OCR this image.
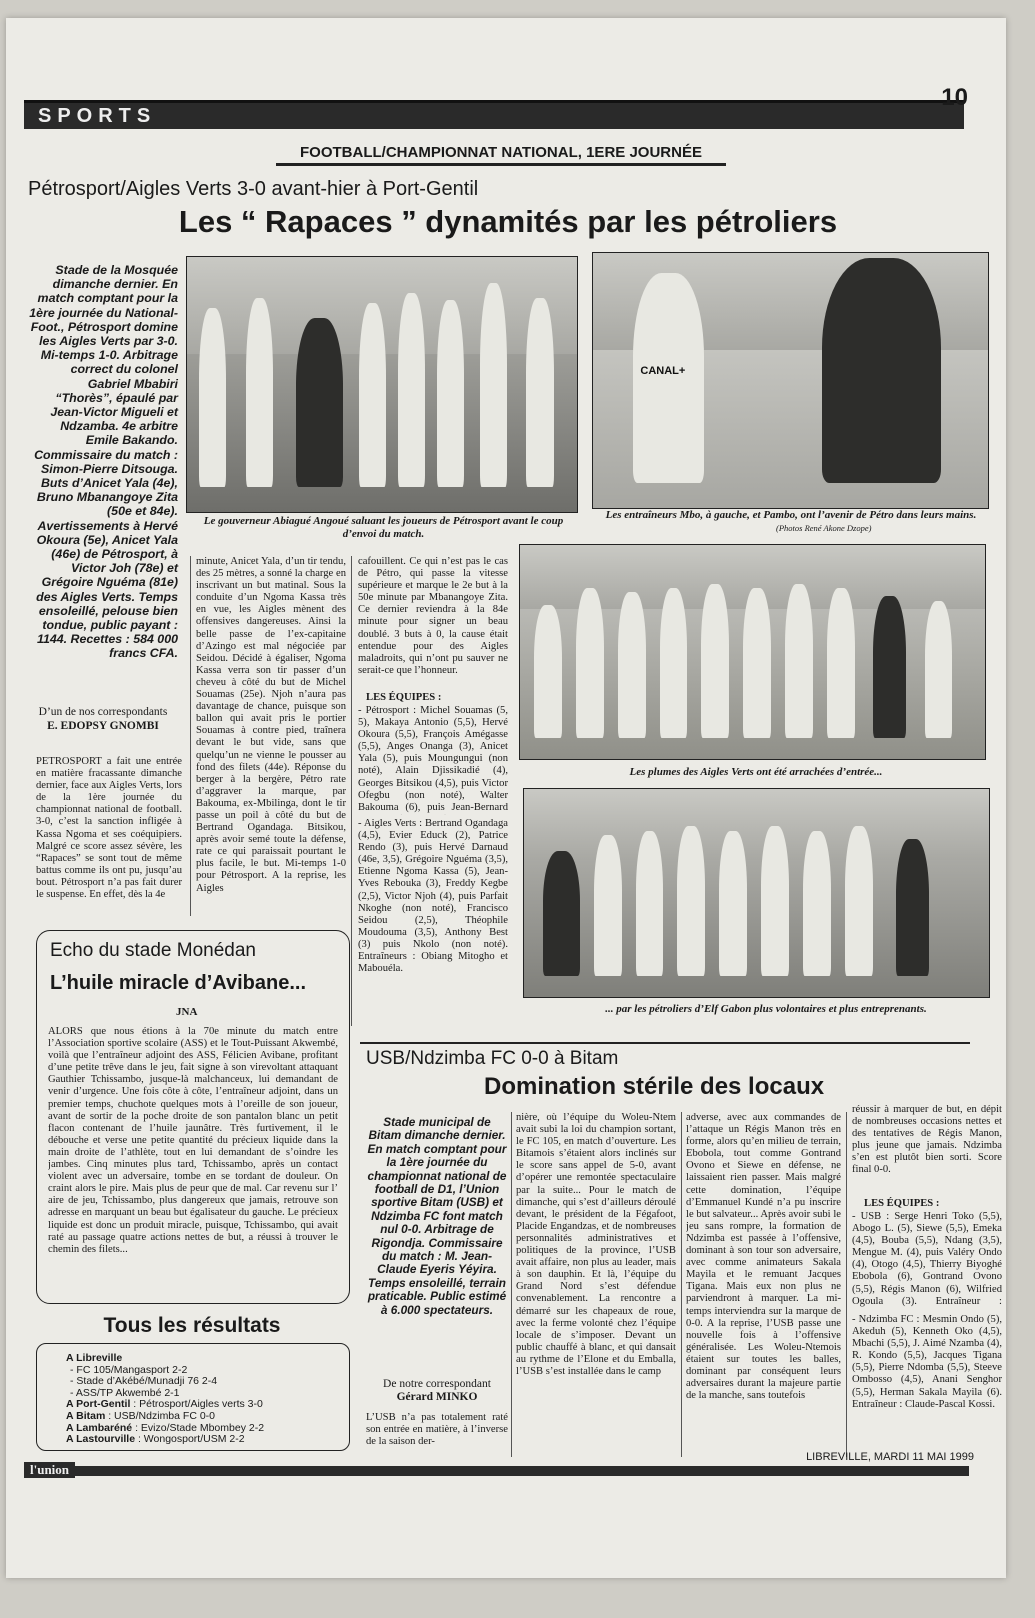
SPORTS
10
FOOTBALL/CHAMPIONNAT NATIONAL, 1ERE JOURNÉE
Pétrosport/Aigles Verts 3-0 avant-hier à Port-Gentil
Les “ Rapaces ” dynamités par les pétroliers
Stade de la Mosquée dimanche dernier. En match comptant pour la 1ère journée du National-Foot., Pétrosport domine les Aigles Verts par 3-0. Mi-temps 1-0. Arbitrage correct du colonel Gabriel Mbabiri “Thorès”, épaulé par Jean-Victor Migueli et Ndzamba. 4e arbitre Emile Bakando. Commissaire du match : Simon-Pierre Ditsouga. Buts d’Anicet Yala (4e), Bruno Mbanangoye Zita (50e et 84e). Avertissements à Hervé Okoura (5e), Anicet Yala (46e) de Pétrosport, à Victor Joh (78e) et Grégoire Nguéma (81e) des Aigles Verts. Temps ensoleillé, pelouse bien tondue, public payant : 1144. Recettes : 584 000 francs CFA.
D’un de nos correspondants
E. EDOPSY GNOMBI
Le gouverneur Abiagué Angoué saluant les joueurs de Pétrosport avant le coup d’envoi du match.
CANAL+
Les entraîneurs Mbo, à gauche, et Pambo, ont l’avenir de Pétro dans leurs mains.
(Photos René Akone Dzope)
PETROSPORT a fait une entrée en matière fracassante dimanche dernier, face aux Aigles Verts, lors de la 1ère journée du championnat national de football. 3-0, c’est la sanction infligée à Kassa Ngoma et ses coéquipiers. Malgré ce score assez sévère, les “Rapaces” se sont tout de même battus comme ils ont pu, jusqu’au bout. Pétrosport n’a pas fait durer le suspense. En effet, dès la 4e
minute, Anicet Yala, d’un tir tendu, des 25 mètres, a sonné la charge en inscrivant un but matinal. Sous la conduite d’un Ngoma Kassa très en vue, les Aigles mènent des offensives dangereuses. Ainsi la belle passe de l’ex-capitaine d’Azingo est mal négociée par Seidou. Décidé à égaliser, Ngoma Kassa verra son tir passer d’un cheveu à côté du but de Michel Souamas (25e). Njoh n’aura pas davantage de chance, puisque son ballon qui avait pris le portier Souamas à contre pied, traînera devant le but vide, sans que quelqu’un ne vienne le pousser au fond des filets (44e). Réponse du berger à la bergère, Pétro rate d’aggraver la marque, par Bakouma, ex-Mbilinga, dont le tir passe un poil à côté du but de Bertrand Ogandaga. Bitsikou, après avoir semé toute la défense, rate ce qui paraissait pourtant le plus facile, le but. Mi-temps 1-0 pour Pétrosport. A la reprise, les Aigles
cafouillent. Ce qui n’est pas le cas de Pétro, qui passe la vitesse supérieure et marque le 2e but à la 50e minute par Mbanangoye Zita. Ce dernier reviendra à la 84e minute pour signer un beau doublé. 3 buts à 0, la cause était entendue pour des Aigles maladroits, qui n’ont pu sauver ne serait-ce que l’honneur.
LES ÉQUIPES :
- Pétrosport : Michel Souamas (5, 5), Makaya Antonio (5,5), Hervé Okoura (5,5), François Amégasse (5,5), Anges Onanga (3), Anicet Yala (5), puis Moungungui (non noté), Alain Djissikadié (4), Georges Bitsikou (4,5), puis Victor Ofegbu (non noté), Walter Bakouma (6), puis Jean-Bernard
- Aigles Verts : Bertrand Ogandaga (4,5), Evier Educk (2), Patrice Rendo (3), puis Hervé Darnaud (46e, 3,5), Grégoire Nguéma (3,5), Etienne Ngoma Kassa (5), Jean-Yves Rebouka (3), Freddy Kegbe (2,5), Victor Njoh (4), puis Parfait Nkoghe (non noté), Francisco Seidou (2,5), Théophile Moudouma (3,5), Anthony Best (3) puis Nkolo (non noté). Entraîneurs : Obiang Mitogho et Mabouéla.
Les plumes des Aigles Verts ont été arrachées d’entrée...
... par les pétroliers d’Elf Gabon plus volontaires et plus entreprenants.
Echo du stade Monédan
L’huile miracle d’Avibane...
JNA
ALORS que nous étions à la 70e minute du match entre l’Association sportive scolaire (ASS) et le Tout-Puissant Akwembé, voilà que l’entraîneur adjoint des ASS, Félicien Avibane, profitant d’une petite trêve dans le jeu, fait signe à son virevoltant attaquant Gauthier Tchissambo, jusque-là malchanceux, lui demandant de venir d’urgence. Une fois côte à côte, l’entraîneur adjoint, dans un premier temps, chuchote quelques mots à l’oreille de son joueur, avant de sortir de la poche droite de son pantalon blanc un petit flacon contenant de l’huile jaunâtre. Très furtivement, il le débouche et verse une petite quantité du précieux liquide dans la main droite de l’athlète, tout en lui demandant de s’oindre les jambes. Cinq minutes plus tard, Tchissambo, après un contact violent avec un adversaire, tombe en se tordant de douleur. On craint alors le pire. Mais plus de peur que de mal. Car revenu sur l’ aire de jeu, Tchissambo, plus dangereux que jamais, retrouve son adresse en marquant un beau but égalisateur du gauche. Le précieux liquide est donc un produit miracle, puisque, Tchissambo, qui avait raté au passage quatre actions nettes de but, a réussi à trouver le chemin des filets...
Tous les résultats
A Libreville
- FC 105/Mangasport 2-2
- Stade d’Akébé/Munadji 76 2-4
- ASS/TP Akwembé 2-1
A Port-Gentil : Pétrosport/Aigles verts 3-0
A Bitam : USB/Ndzimba FC 0-0
A Lambaréné : Evizo/Stade Mbombey 2-2
A Lastourville : Wongosport/USM 2-2
USB/Ndzimba FC 0-0 à Bitam
Domination stérile des locaux
Stade municipal de Bitam dimanche dernier. En match comptant pour la 1ère journée du championnat national de football de D1, l’Union sportive Bitam (USB) et Ndzimba FC font match nul 0-0. Arbitrage de Rigondja. Commissaire du match : M. Jean-Claude Eyeris Yéyira. Temps ensoleillé, terrain praticable. Public estimé à 6.000 spectateurs.
De notre correspondant
Gérard MINKO
L’USB n’a pas totalement raté son entrée en matière, à l’inverse de la saison der-
nière, où l’équipe du Woleu-Ntem avait subi la loi du champion sortant, le FC 105, en match d’ouverture. Les Bitamois s’étaient alors inclinés sur le score sans appel de 5-0, avant d’opérer une remontée spectaculaire par la suite... Pour le match de dimanche, qui s’est d’ailleurs déroulé devant, le président de la Fégafoot, Placide Engandzas, et de nombreuses personnalités administratives et politiques de la province, l’USB avait affaire, non plus au leader, mais à son dauphin. Et là, l’équipe du Grand Nord s’est défendue convenablement. La rencontre a démarré sur les chapeaux de roue, avec la ferme volonté chez l’équipe locale de s’imposer. Devant un public chauffé à blanc, et qui dansait au rythme de l’Elone et du Emballa, l’USB s’est installée dans le camp
adverse, avec aux commandes de l’attaque un Régis Manon très en forme, alors qu’en milieu de terrain, Ebobola, tout comme Gontrand Ovono et Siewe en défense, ne laissaient rien passer. Mais malgré cette domination, l’équipe d’Emmanuel Kundé n’a pu inscrire le but salvateur... Après avoir subi le jeu sans rompre, la formation de Ndzimba est passée à l’offensive, dominant à son tour son adversaire, avec comme animateurs Sakala Mayila et le remuant Jacques Tigana. Mais eux non plus ne parviendront à marquer. La mi-temps interviendra sur la marque de 0-0. A la reprise, l’USB passe une nouvelle fois à l’offensive généralisée. Les Woleu-Ntemois étaient sur toutes les balles, dominant par conséquent leurs adversaires durant la majeure partie de la manche, sans toutefois
réussir à marquer de but, en dépit de nombreuses occasions nettes et des tentatives de Régis Manon, plus jeune que jamais. Ndzimba s’en est plutôt bien sorti. Score final 0-0.
LES ÉQUIPES :
- USB : Serge Henri Toko (5,5), Abogo L. (5), Siewe (5,5), Emeka (4,5), Bouba (5,5), Ndang (3,5), Mengue M. (4), puis Valéry Ondo (4), Otogo (4,5), Thierry Biyoghé Ebobola (6), Gontrand Ovono (5,5), Régis Manon (6), Wilfried Ogoula (3). Entraîneur :
- Ndzimba FC : Mesmin Ondo (5), Akeduh (5), Kenneth Oko (4,5), Mbachi (5,5), J. Aimé Nzamba (4), R. Kondo (5,5), Jacques Tigana (5,5), Pierre Ndomba (5,5), Steeve Ombosso (4,5), Anani Senghor (5,5), Herman Sakala Mayila (6). Entraîneur : Claude-Pascal Kossi.
LIBREVILLE, MARDI 11 MAI 1999
l'union
